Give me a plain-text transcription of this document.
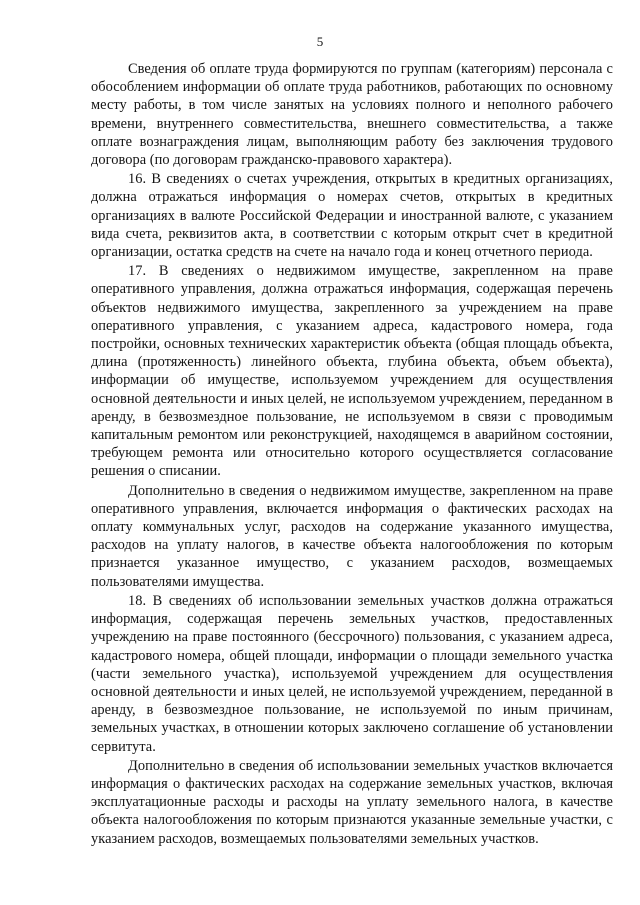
5

Сведения об оплате труда формируются по группам (категориям) персонала с обособлением информации об оплате труда работников, работающих по основному месту работы, в том числе занятых на условиях полного и неполного рабочего времени, внутреннего совместительства, внешнего совместительства, а также оплате вознаграждения лицам, выполняющим работу без заключения трудового договора (по договорам гражданско-правового характера).

16. В сведениях о счетах учреждения, открытых в кредитных организациях, должна отражаться информация о номерах счетов, открытых в кредитных организациях в валюте Российской Федерации и иностранной валюте, с указанием вида счета, реквизитов акта, в соответствии с которым открыт счет в кредитной организации, остатка средств на счете на начало года и конец отчетного периода.

17. В сведениях о недвижимом имуществе, закрепленном на праве оперативного управления, должна отражаться информация, содержащая перечень объектов недвижимого имущества, закрепленного за учреждением на праве оперативного управления, с указанием адреса, кадастрового номера, года постройки, основных технических характеристик объекта (общая площадь объекта, длина (протяженность) линейного объекта, глубина объекта, объем объекта), информации об имуществе, используемом учреждением для осуществления основной деятельности и иных целей, не используемом учреждением, переданном в аренду, в безвозмездное пользование, не используемом в связи с проводимым капитальным ремонтом или реконструкцией, находящемся в аварийном состоянии, требующем ремонта или относительно которого осуществляется согласование решения о списании.

Дополнительно в сведения о недвижимом имуществе, закрепленном на праве оперативного управления, включается информация о фактических расходах на оплату коммунальных услуг, расходов на содержание указанного имущества, расходов на уплату налогов, в качестве объекта налогообложения по которым признается указанное имущество, с указанием расходов, возмещаемых пользователями имущества.

18. В сведениях об использовании земельных участков должна отражаться информация, содержащая перечень земельных участков, предоставленных учреждению на праве постоянного (бессрочного) пользования, с указанием адреса, кадастрового номера, общей площади, информации о площади земельного участка (части земельного участка), используемой учреждением для осуществления основной деятельности и иных целей, не используемой учреждением, переданной в аренду, в безвозмездное пользование, не используемой по иным причинам, земельных участках, в отношении которых заключено соглашение об установлении сервитута.

Дополнительно в сведения об использовании земельных участков включается информация о фактических расходах на содержание земельных участков, включая эксплуатационные расходы и расходы на уплату земельного налога, в качестве объекта налогообложения по которым признаются указанные земельные участки, с указанием расходов, возмещаемых пользователями земельных участков.
